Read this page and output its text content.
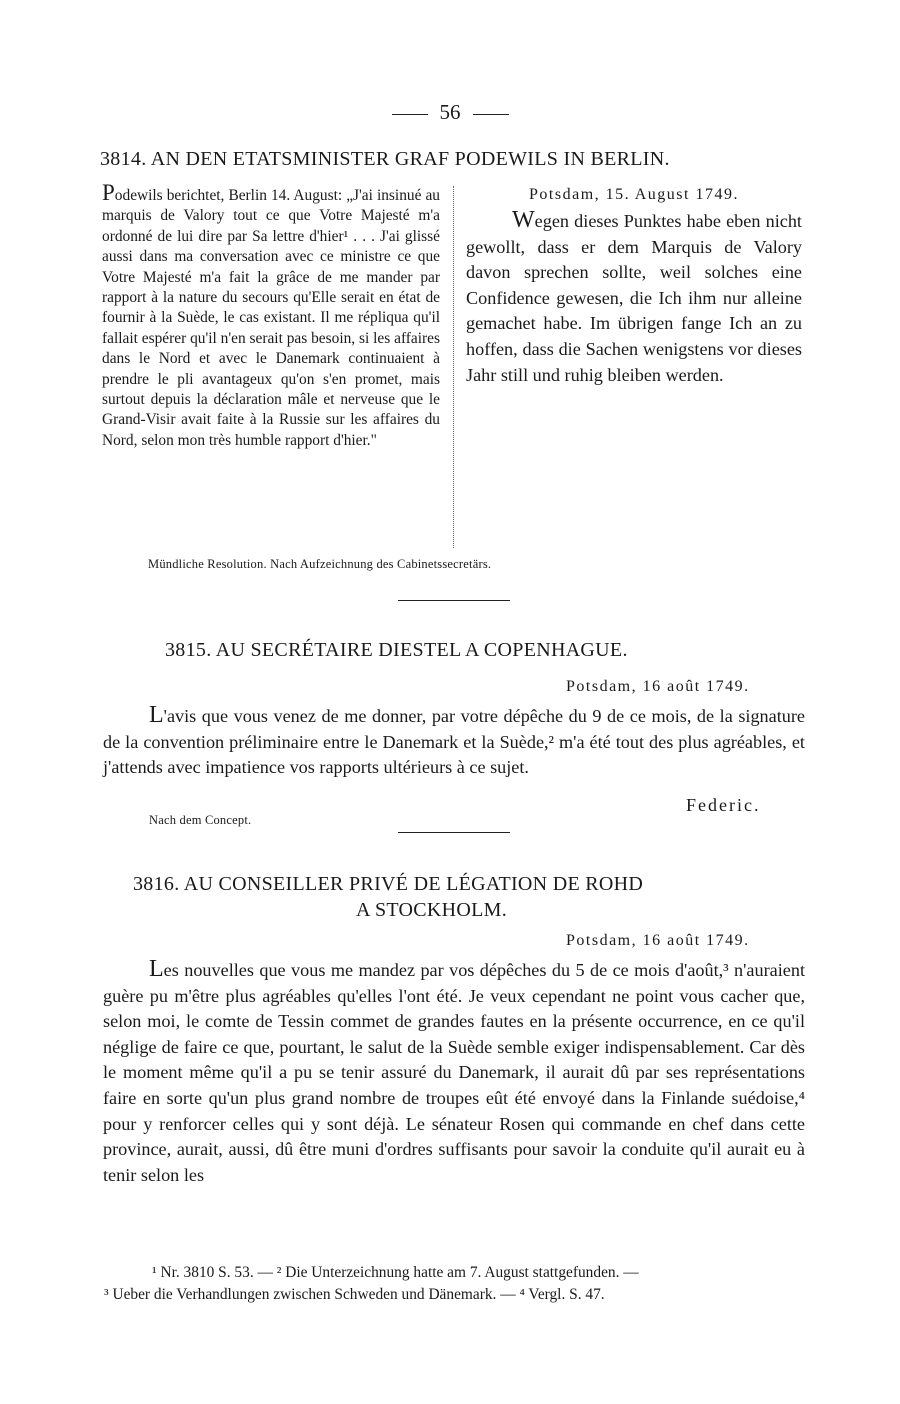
56
3814. AN DEN ETATSMINISTER GRAF PODEWILS IN BERLIN.

Podewils berichtet, Berlin 14. August: „J'ai insinué au marquis de Valory tout ce que Votre Majesté m'a ordonné de lui dire par Sa lettre d'hier¹ . . . J'ai glissé aussi dans ma conversation avec ce ministre ce que Votre Majesté m'a fait la grâce de me mander par rapport à la nature du secours qu'Elle serait en état de fournir à la Suède, le cas existant. Il me répliqua qu'il fallait espérer qu'il n'en serait pas besoin, si les affaires dans le Nord et avec le Danemark continuaient à prendre le pli avantageux qu'on s'en promet, mais surtout depuis la déclaration mâle et nerveuse que le Grand-Visir avait faite à la Russie sur les affaires du Nord, selon mon très humble rapport d'hier."

Potsdam, 15. August 1749.

Wegen dieses Punktes habe eben nicht gewollt, dass er dem Marquis de Valory davon sprechen sollte, weil solches eine Confidence gewesen, die Ich ihm nur alleine gemachet habe. Im übrigen fange Ich an zu hoffen, dass die Sachen wenigstens vor dieses Jahr still und ruhig bleiben werden.

Mündliche Resolution. Nach Aufzeichnung des Cabinetssecretärs.
3815. AU SECRÉTAIRE DIESTEL A COPENHAGUE.
Potsdam, 16 août 1749.

L'avis que vous venez de me donner, par votre dépêche du 9 de ce mois, de la signature de la convention préliminaire entre le Danemark et la Suède,² m'a été tout des plus agréables, et j'attends avec impatience vos rapports ultérieurs à ce sujet.

Federic.
Nach dem Concept.
3816. AU CONSEILLER PRIVÉ DE LÉGATION DE ROHD
A STOCKHOLM.
Potsdam, 16 août 1749.

Les nouvelles que vous me mandez par vos dépêches du 5 de ce mois d'août,³ n'auraient guère pu m'être plus agréables qu'elles l'ont été. Je veux cependant ne point vous cacher que, selon moi, le comte de Tessin commet de grandes fautes en la présente occurrence, en ce qu'il néglige de faire ce que, pourtant, le salut de la Suède semble exiger indispensablement. Car dès le moment même qu'il a pu se tenir assuré du Danemark, il aurait dû par ses représentations faire en sorte qu'un plus grand nombre de troupes eût été envoyé dans la Finlande suédoise,⁴ pour y renforcer celles qui y sont déjà. Le sénateur Rosen qui commande en chef dans cette province, aurait, aussi, dû être muni d'ordres suffisants pour savoir la conduite qu'il aurait eu à tenir selon les

¹ Nr. 3810 S. 53. — ² Die Unterzeichnung hatte am 7. August stattgefunden. —
³ Ueber die Verhandlungen zwischen Schweden und Dänemark. — ⁴ Vergl. S. 47.
